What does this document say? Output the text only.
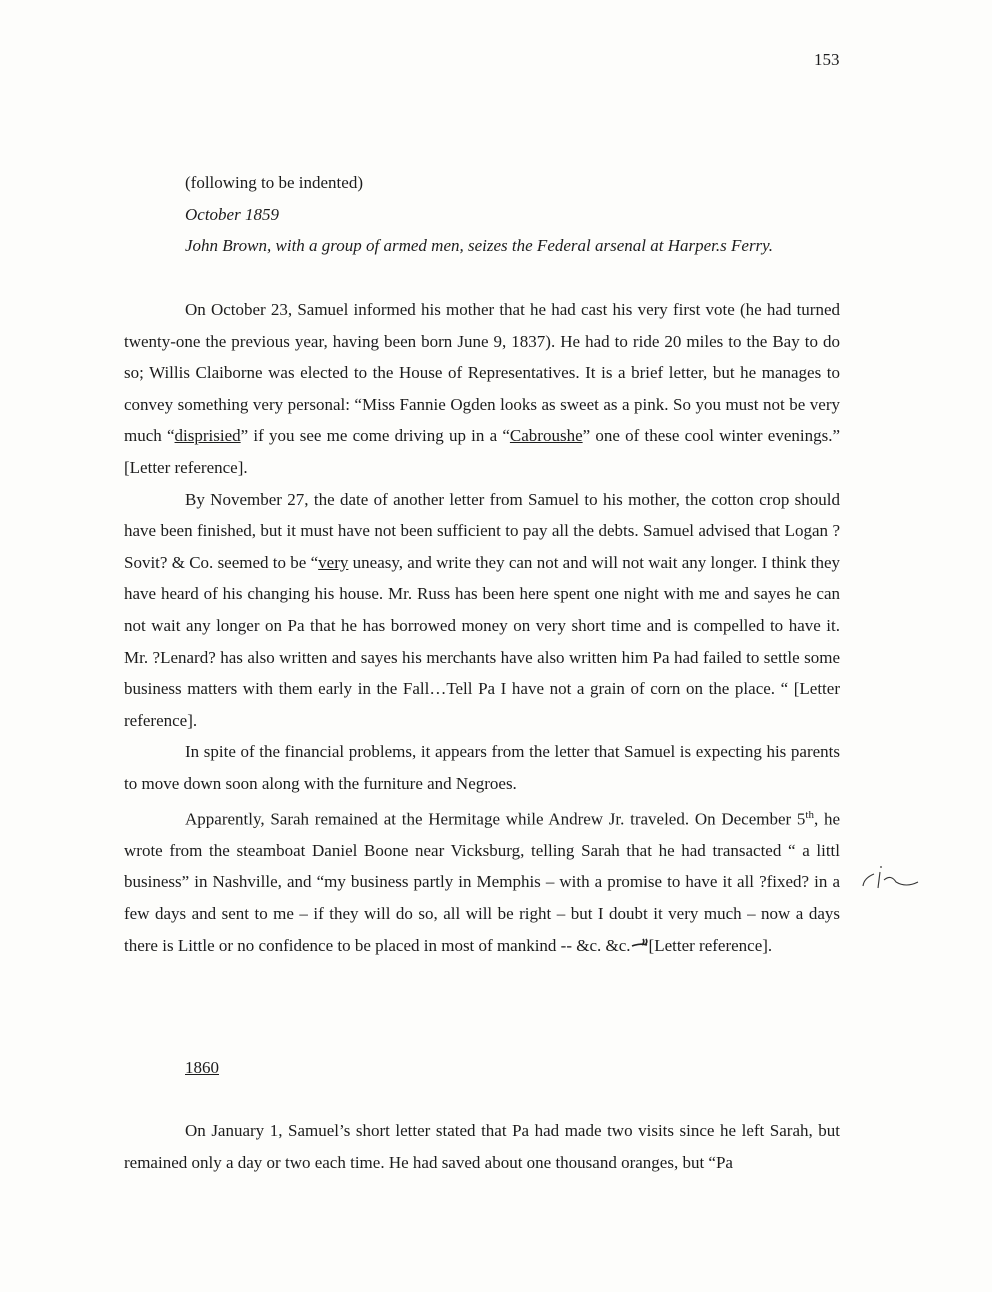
153
(following to be indented)
October 1859
John Brown, with a group of armed men, seizes the Federal arsenal at Harper.s Ferry.

On October 23, Samuel informed his mother that he had cast his very first vote (he had turned twenty-one the previous year, having been born June 9, 1837). He had to ride 20 miles to the Bay to do so; Willis Claiborne was elected to the House of Representatives. It is a brief letter, but he manages to convey something very personal: “Miss Fannie Ogden looks as sweet as a pink. So you must not be very much “disprisied” if you see me come driving up in a “Cabroushe” one of these cool winter evenings.” [Letter reference].

By November 27, the date of another letter from Samuel to his mother, the cotton crop should have been finished, but it must have not been sufficient to pay all the debts. Samuel advised that Logan ?Sovit? & Co. seemed to be “very uneasy, and write they can not and will not wait any longer. I think they have heard of his changing his house. Mr. Russ has been here spent one night with me and sayes he can not wait any longer on Pa that he has borrowed money on very short time and is compelled to have it. Mr. ?Lenard? has also written and sayes his merchants have also written him Pa had failed to settle some business matters with them early in the Fall…Tell Pa I have not a grain of corn on the place. “ [Letter reference].

In spite of the financial problems, it appears from the letter that Samuel is expecting his parents to move down soon along with the furniture and Negroes.

Apparently, Sarah remained at the Hermitage while Andrew Jr. traveled. On December 5th, he wrote from the steamboat Daniel Boone near Vicksburg, telling Sarah that he had transacted “ a littl business” in Nashville, and “my business partly in Memphis – with a promise to have it all ?fixed? in a few days and sent to me – if they will do so, all will be right – but I doubt it very much – now a days there is Little or no confidence to be placed in most of mankind -- &c. &c. [Letter reference].

1860

On January 1, Samuel’s short letter stated that Pa had made two visits since he left Sarah, but remained only a day or two each time. He had saved about one thousand oranges, but “Pa
